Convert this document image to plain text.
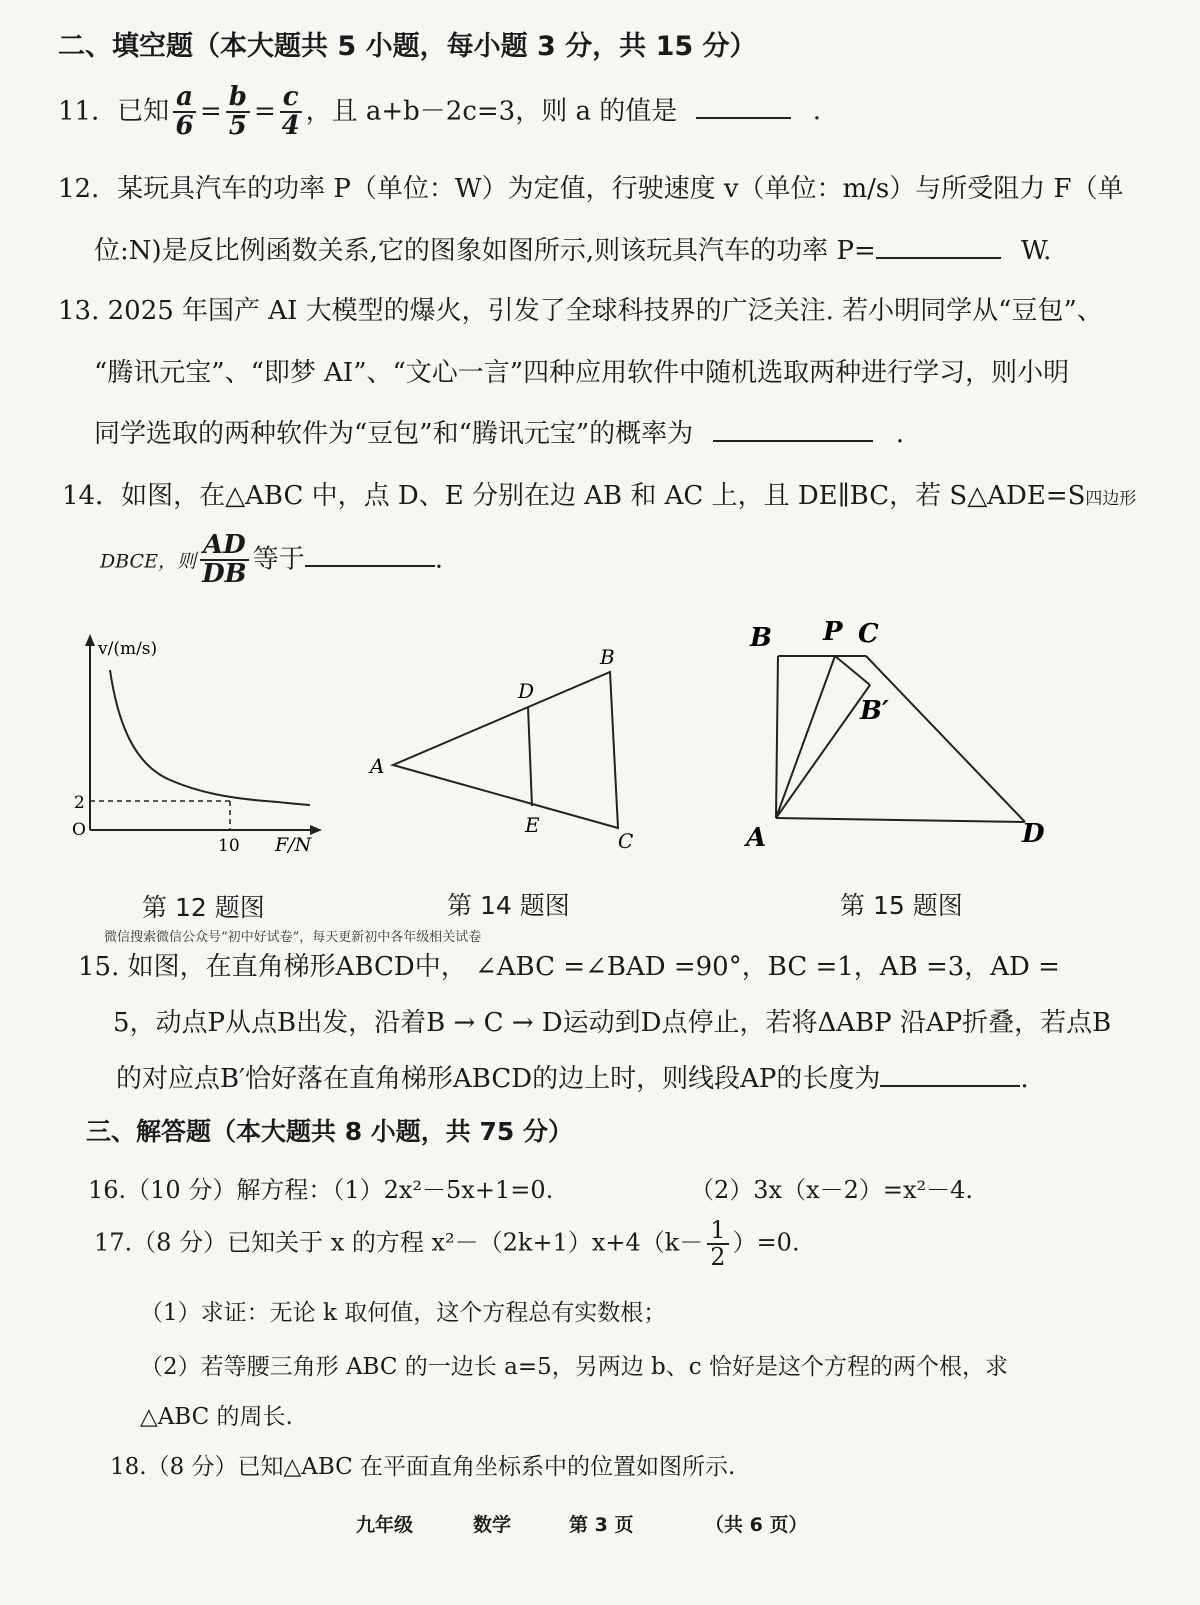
二、填空题（本大题共 5 小题，每小题 3 分，共 15 分）
11．已知 $\frac{a}{6} = \frac{b}{5} = \frac{c}{4}$ ，且 a+b－2c=3，则 a 的值是	.
12．某玩具汽车的功率 P（单位：W）为定值，行驶速度 v（单位：m/s）与所受阻力 F（单
位:N)是反比例函数关系,它的图象如图所示,则该玩具汽车的功率 P=	W.
13. 2025 年国产 AI 大模型的爆火，引发了全球科技界的广泛关注. 若小明同学从“豆包”、
“腾讯元宝”、“即梦 AI”、“文心一言”四种应用软件中随机选取两种进行学习，则小明
同学选取的两种软件为“豆包”和“腾讯元宝”的概率为	.
14．如图，在△ABC 中，点 D、E 分别在边 AB 和 AC 上，且 DE∥BC，若 S△ADE=S四边形
DBCE，则 $\frac{AD}{DB}$ 等于	.
v/(m/s)
F/N
O
2
10
第 12 题图
A
B
C
D
E
第 14 题图
B P C
B′
A	D
第 15 题图
微信搜索微信公众号“初中好试卷”，每天更新初中各年级相关试卷
15. 如图，在直角梯形ABCD中， ∠ABC =∠BAD =90°，BC =1，AB =3，AD =
5，动点P从点B出发，沿着B → C → D运动到D点停止，若将ΔABP 沿AP折叠，若点B
的对应点B′恰好落在直角梯形ABCD的边上时，则线段AP的长度为	.
三、解答题（本大题共 8 小题，共 75 分）
16.（10 分）解方程：（1）2x²－5x+1=0.	（2）3x（x－2）=x²－4.
17.（8 分）已知关于 x 的方程 $x^2-(2k+1)x+4(k- \frac{1}{2} )=0$.
（1）求证：无论 k 取何值，这个方程总有实数根；
（2）若等腰三角形 ABC 的一边长 a=5，另两边 b、c 恰好是这个方程的两个根，求
△ABC 的周长.
18.（8 分）已知△ABC 在平面直角坐标系中的位置如图所示.
九年级	数学	第 3 页	（共 6 页）
